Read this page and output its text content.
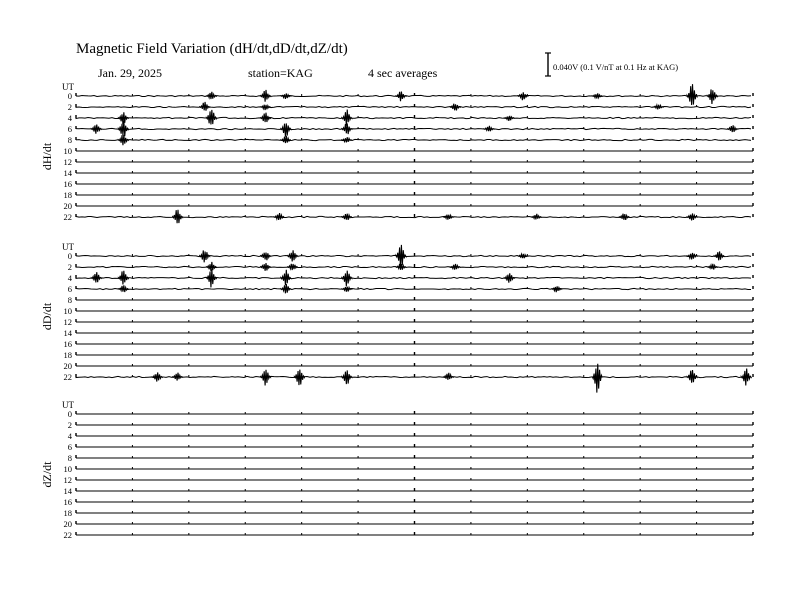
Magnetic Field Variation (dH/dt,dD/dt,dZ/dt)
Jan. 29, 2025	station=KAG	4 sec averages	0.040V (0.1 V/nT at 0.1 Hz at KAG)
UT
dH/dt
0
2
4
6
8
10
12
14
16
18
20
22
UT
dD/dt
0
2
4
6
8
10
12
14
16
18
20
22
UT
dZ/dt
0
2
4
6
8
10
12
14
16
18
20
22
